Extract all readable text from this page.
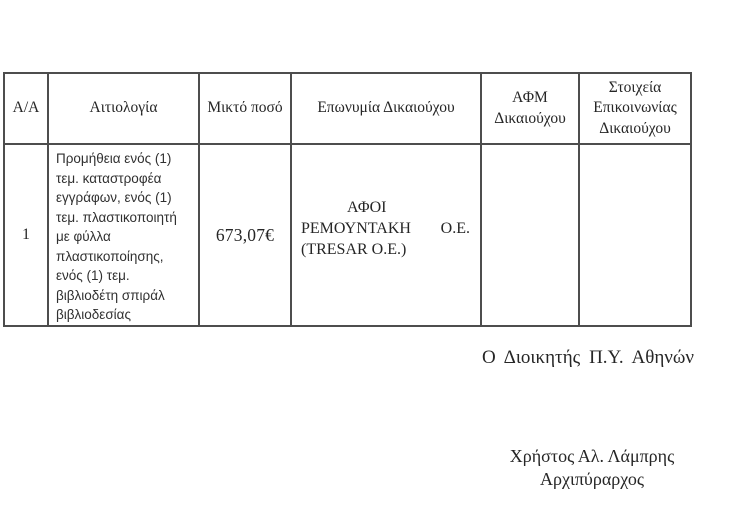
Α/Α	Αιτιολογία	Μικτό ποσό	Επωνυμία Δικαιούχου	ΑΦΜ Δικαιούχου	Στοιχεία Επικοινωνίας Δικαιούχου
1	Προμήθεια ενός (1) τεμ. καταστροφέα εγγράφων, ενός (1) τεμ. πλαστικοποιητή με φύλλα πλαστικοποίησης, ενός (1) τεμ. βιβλιοδέτη σπιράλ βιβλιοδεσίας	673,07€	ΑΦΟΙ ΡΕΜΟΥΝΤΑΚΗ Ο.Ε. (TRESAR Ο.Ε.)		

Ο Διοικητής Π.Υ. Αθηνών
Χρήστος Αλ. Λάμπρης
Αρχιπύραρχος
